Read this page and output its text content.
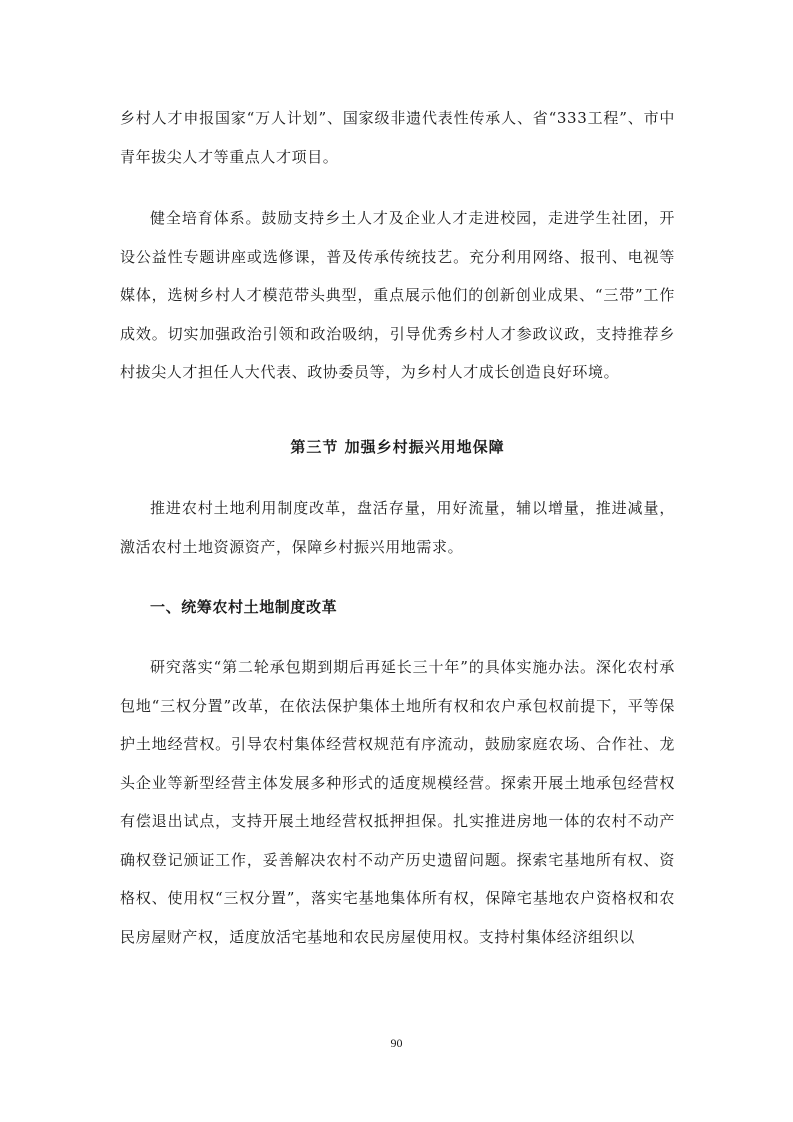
乡村人才申报国家“万人计划”、国家级非遗代表性传承人、省“333工程”、市中青年拔尖人才等重点人才项目。

健全培育体系。鼓励支持乡土人才及企业人才走进校园，走进学生社团，开设公益性专题讲座或选修课，普及传承传统技艺。充分利用网络、报刊、电视等媒体，选树乡村人才模范带头典型，重点展示他们的创新创业成果、“三带”工作成效。切实加强政治引领和政治吸纳，引导优秀乡村人才参政议政，支持推荐乡村拔尖人才担任人大代表、政协委员等，为乡村人才成长创造良好环境。

第三节 加强乡村振兴用地保障

推进农村土地利用制度改革，盘活存量，用好流量，辅以增量，推进减量，激活农村土地资源资产，保障乡村振兴用地需求。

一、统筹农村土地制度改革

研究落实“第二轮承包期到期后再延长三十年”的具体实施办法。深化农村承包地“三权分置”改革，在依法保护集体土地所有权和农户承包权前提下，平等保护土地经营权。引导农村集体经营权规范有序流动，鼓励家庭农场、合作社、龙头企业等新型经营主体发展多种形式的适度规模经营。探索开展土地承包经营权有偿退出试点，支持开展土地经营权抵押担保。扎实推进房地一体的农村不动产确权登记颁证工作，妥善解决农村不动产历史遗留问题。探索宅基地所有权、资格权、使用权“三权分置”，落实宅基地集体所有权，保障宅基地农户资格权和农民房屋财产权，适度放活宅基地和农民房屋使用权。支持村集体经济组织以

90
